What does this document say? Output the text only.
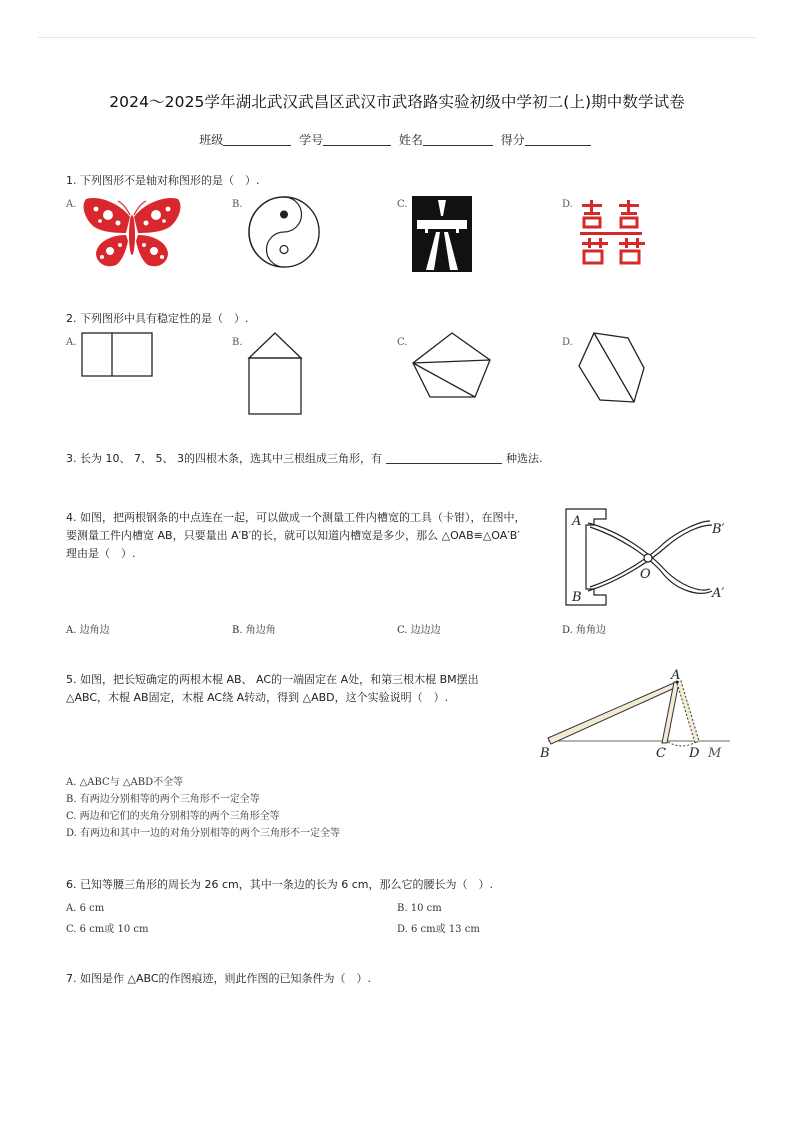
2024～2025学年湖北武汉武昌区武汉市武珞路实验初级中学初二(上)期中数学试卷
班级	学号	姓名	得分
1. 下列图形不是轴对称图形的是（　）.
A.	B.	C.	D.
2. 下列图形中具有稳定性的是（　）.
A.	B.	C.	D.
3. 长为 10、 7、 5、 3的四根木条，选其中三根组成三角形，有	种选法.
4. 如图，把两根钢条的中点连在一起，可以做成一个测量工件内槽宽的工具（卡钳），在图中，
要测量工件内槽宽 AB，只要量出 A′B′的长，就可以知道内槽宽是多少，那么 △OAB≌△OA′B′
理由是（　）.
A
B
B′
A′
O
A. 边角边	B. 角边角	C. 边边边	D. 角角边
5. 如图，把长短确定的两根木棍 AB、 AC的一端固定在 A处，和第三根木棍 BM摆出
△ABC，木棍 AB固定，木棍 AC绕 A转动，得到 △ABD，这个实验说明（　）.
A
B	C D M
A. △ABC与 △ABD不全等
B. 有两边分别相等的两个三角形不一定全等
C. 两边和它们的夹角分别相等的两个三角形全等
D. 有两边和其中一边的对角分别相等的两个三角形不一定全等
6. 已知等腰三角形的周长为 26 cm，其中一条边的长为 6 cm，那么它的腰长为（　）.
A. 6 cm	B. 10 cm
C. 6 cm或 10 cm	D. 6 cm或 13 cm
7. 如图是作 △ABC的作图痕迹，则此作图的已知条件为（　）.
